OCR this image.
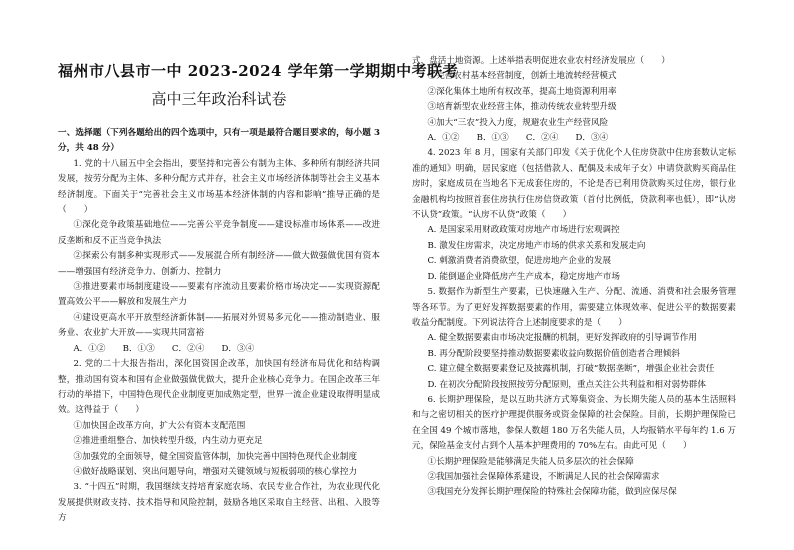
福州市八县市一中 2023-2024 学年第一学期期中考联考
高中三年政治科试卷

一、选择题（下列各题给出的四个选项中，只有一项是最符合题目要求的，每小题 3 分，共 48 分）

1. 党的十八届五中全会指出，要坚持和完善公有制为主体、多种所有制经济共同发展，按劳分配为主体、多种分配方式并存，社会主义市场经济体制等社会主义基本经济制度。下面关于“完善社会主义市场基本经济体制的内容和影响”推导正确的是（　　）

①深化竞争政策基础地位——完善公平竞争制度——建设标准市场体系——改进反垄断和反不正当竞争执法

②探索公有制多种实现形式——发展混合所有制经济——做大做强做优国有资本——增强国有经济竞争力、创新力、控制力

③推进要素市场制度建设——要素有序流动且要素价格市场决定——实现资源配置高效公平——解放和发展生产力

④建设更高水平开放型经济新体制——拓展对外贸易多元化——推动制造业、服务业、农业扩大开放——实现共同富裕

A．①②　　B．①③　　C．②④　　D．③④

2. 党的二十大报告指出，深化国资国企改革，加快国有经济布局优化和结构调整，推动国有资本和国有企业做强做优做大，提升企业核心竞争力。在国企改革三年行动的举措下，中国特色现代企业制度更加成熟定型，世界一流企业建设取得明显成效。这得益于（　　）

①加快国企改革方向，扩大公有资本支配范围

②推进重组整合、加快转型升级，内生动力更充足

③加强党的全面领导，健全国资监管体制，加快完善中国特色现代企业制度

④做好战略谋划、突出问题导向，增强对关键领域与短板弱项的核心掌控力

3. “十四五”时期，我国继续支持培育家庭农场、农民专业合作社，为农业现代化发展提供财政支持、技术指导和风险控制，鼓励各地区采取自主经营、出租、入股等方

式，盘活土地资源。上述举措表明促进农业农村经济发展应（　　）

①完善农村基本经营制度，创新土地流转经营模式

②深化集体土地所有权改革，提高土地资源利用率

③培育新型农业经营主体，推动传统农业转型升级

④加大“三农”投入力度，规避农业生产经营风险

A．①②　　B．①③　　C．②④　　D．③④

4. 2023 年 8 月，国家有关部门印发《关于优化个人住房贷款中住房套数认定标准的通知》明确，居民家庭（包括借款人、配偶及未成年子女）申请贷款购买商品住房时，家庭成员在当地名下无成套住房的，不论是否已利用贷款购买过住房，银行业金融机构均按照首套住房执行住房信贷政策（首付比例低，贷款利率也低），即“认房不认贷”政策。“认房不认贷”政策（　　）

A. 是国家采用财政政策对房地产市场进行宏观调控

B. 激发住房需求，决定房地产市场的供求关系和发展走向

C. 刺激消费者消费欲望，促进房地产企业的发展

D. 能倒逼企业降低房产生产成本，稳定房地产市场

5. 数据作为新型生产要素，已快速融入生产、分配、流通、消费和社会服务管理等各环节。为了更好发挥数据要素的作用，需要建立体现效率、促进公平的数据要素收益分配制度。下列说法符合上述制度要求的是（　　）

A. 健全数据要素由市场决定报酬的机制，更好发挥政府的引导调节作用

B. 再分配阶段要坚持推动数据要素收益向数据价值创造者合理倾斜

C. 建立健全数据要素登记及披露机制，打破“数据垄断”，增强企业社会责任

D. 在初次分配阶段按照按劳分配原则，重点关注公共利益和相对弱势群体

6. 长期护理保险，是以互助共济方式筹集资金、为长期失能人员的基本生活照料和与之密切相关的医疗护理提供服务或资金保障的社会保险。目前，长期护理保险已在全国 49 个城市落地，参保人数超 180 万名失能人员，人均报销水平每年约 1.6 万元，保险基金支付占到个人基本护理费用的 70%左右。由此可见（　　）

①长期护理保险是能够满足失能人员多层次的社会保障

②我国加强社会保障体系建设，不断满足人民的社会保障需求

③我国充分发挥长期护理保险的特殊社会保障功能，做到应保尽保
